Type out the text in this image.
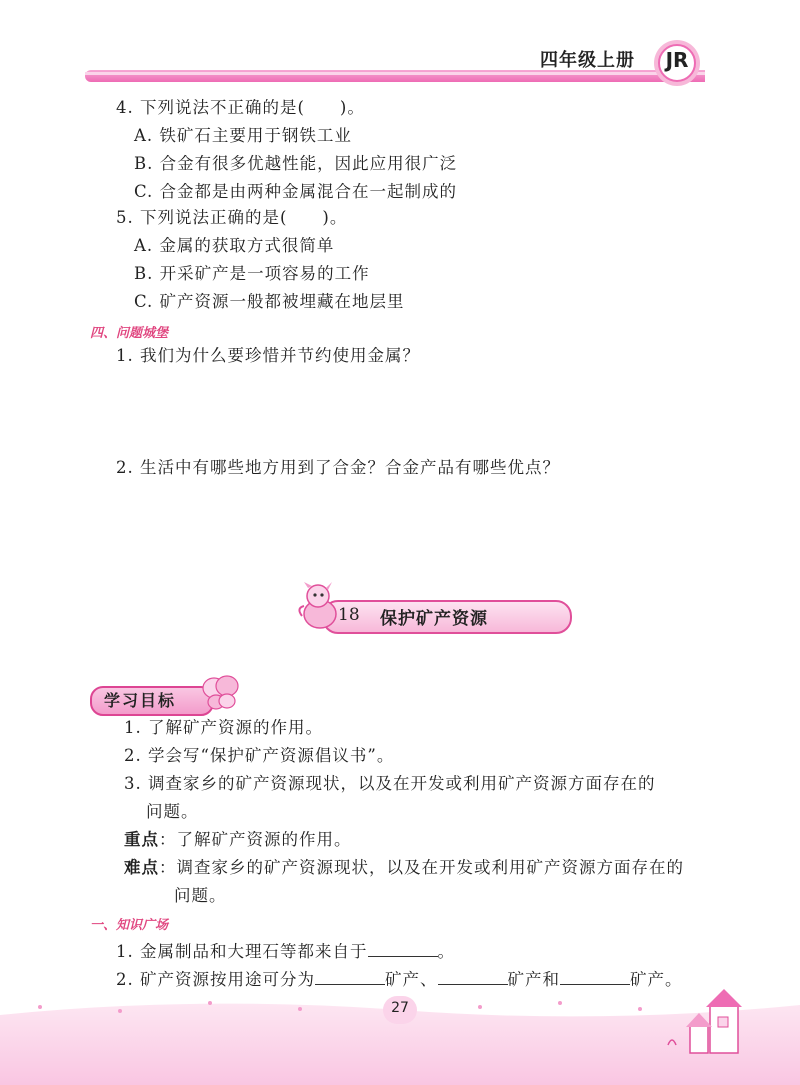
四年级上册	JR
4. 下列说法不正确的是(　　)。
A. 铁矿石主要用于钢铁工业
B. 合金有很多优越性能，因此应用很广泛
C. 合金都是由两种金属混合在一起制成的
5. 下列说法正确的是(　　)。
A. 金属的获取方式很简单
B. 开采矿产是一项容易的工作
C. 矿产资源一般都被埋藏在地层里
四、问题城堡
1. 我们为什么要珍惜并节约使用金属？
2. 生活中有哪些地方用到了合金？合金产品有哪些优点？
18 保护矿产资源
学习目标
1. 了解矿产资源的作用。
2. 学会写“保护矿产资源倡议书”。
3. 调查家乡的矿产资源现状，以及在开发或利用矿产资源方面存在的
问题。
重点：了解矿产资源的作用。
难点：调查家乡的矿产资源现状，以及在开发或利用矿产资源方面存在的
问题。
一、知识广场
1. 金属制品和大理石等都来自于	。
2. 矿产资源按用途可分为	矿产、	矿产和	矿产。
27
